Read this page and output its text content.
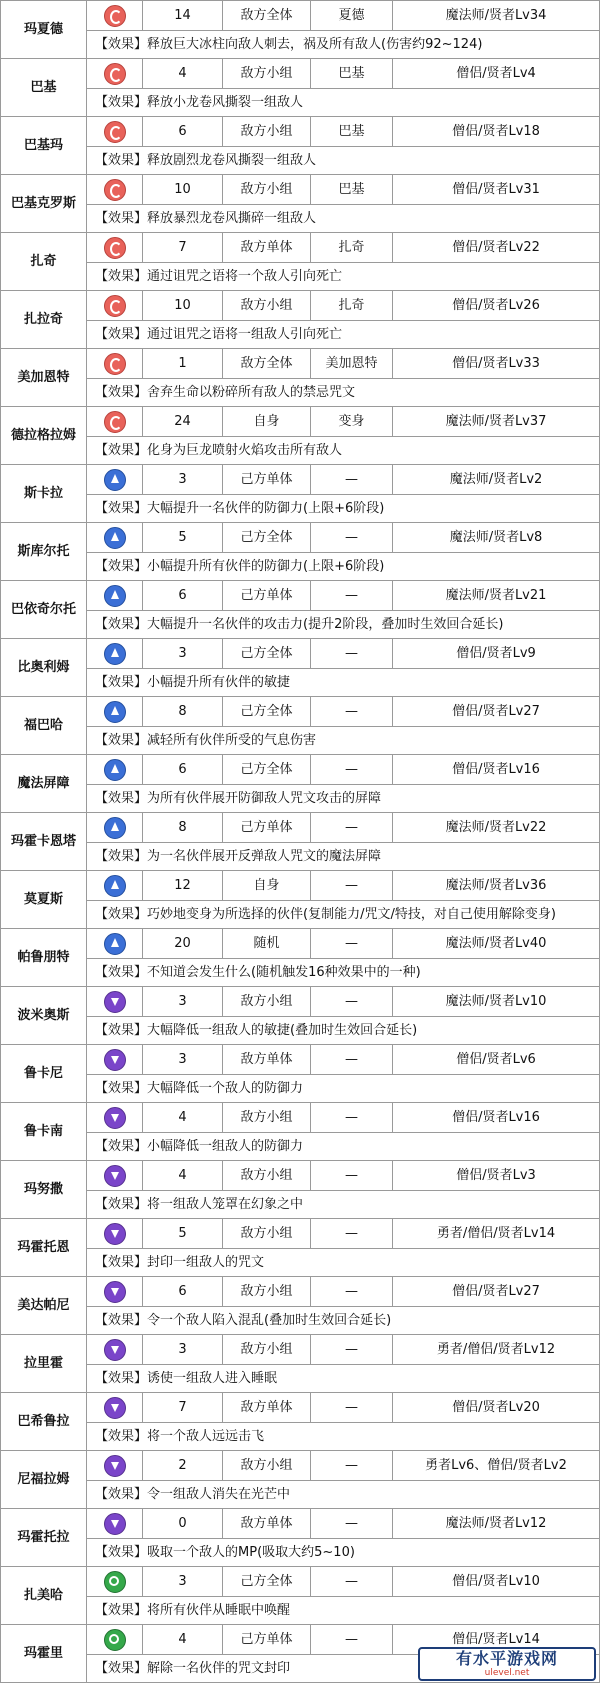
玛夏德		14	敌方全体	夏德	魔法师/贤者Lv34
	【效果】释放巨大冰柱向敌人刺去，祸及所有敌人(伤害约92~124)				
巴基		4	敌方小组	巴基	僧侣/贤者Lv4
	【效果】释放小龙卷风撕裂一组敌人				
巴基玛		6	敌方小组	巴基	僧侣/贤者Lv18
	【效果】释放剧烈龙卷风撕裂一组敌人				
巴基克罗斯		10	敌方小组	巴基	僧侣/贤者Lv31
	【效果】释放暴烈龙卷风撕碎一组敌人				
扎奇		7	敌方单体	扎奇	僧侣/贤者Lv22
	【效果】通过诅咒之语将一个敌人引向死亡				
扎拉奇		10	敌方小组	扎奇	僧侣/贤者Lv26
	【效果】通过诅咒之语将一组敌人引向死亡				
美加恩特		1	敌方全体	美加恩特	僧侣/贤者Lv33
	【效果】舍弃生命以粉碎所有敌人的禁忌咒文				
德拉格拉姆		24	自身	变身	魔法师/贤者Lv37
	【效果】化身为巨龙喷射火焰攻击所有敌人				
斯卡拉		3	己方单体	—	魔法师/贤者Lv2
	【效果】大幅提升一名伙伴的防御力(上限+6阶段)				
斯库尔托		5	己方全体	—	魔法师/贤者Lv8
	【效果】小幅提升所有伙伴的防御力(上限+6阶段)				
巴依奇尔托		6	己方单体	—	魔法师/贤者Lv21
	【效果】大幅提升一名伙伴的攻击力(提升2阶段，叠加时生效回合延长)				
比奥利姆		3	己方全体	—	僧侣/贤者Lv9
	【效果】小幅提升所有伙伴的敏捷				
福巴哈		8	己方全体	—	僧侣/贤者Lv27
	【效果】减轻所有伙伴所受的气息伤害				
魔法屏障		6	己方全体	—	僧侣/贤者Lv16
	【效果】为所有伙伴展开防御敌人咒文攻击的屏障				
玛霍卡恩塔		8	己方单体	—	魔法师/贤者Lv22
	【效果】为一名伙伴展开反弹敌人咒文的魔法屏障				
莫夏斯		12	自身	—	魔法师/贤者Lv36
	【效果】巧妙地变身为所选择的伙伴(复制能力/咒文/特技，对自己使用解除变身)				
帕鲁朋特		20	随机	—	魔法师/贤者Lv40
	【效果】不知道会发生什么(随机触发16种效果中的一种)				
波米奥斯		3	敌方小组	—	魔法师/贤者Lv10
	【效果】大幅降低一组敌人的敏捷(叠加时生效回合延长)				
鲁卡尼		3	敌方单体	—	僧侣/贤者Lv6
	【效果】大幅降低一个敌人的防御力				
鲁卡南		4	敌方小组	—	僧侣/贤者Lv16
	【效果】小幅降低一组敌人的防御力				
玛努撒		4	敌方小组	—	僧侣/贤者Lv3
	【效果】将一组敌人笼罩在幻象之中				
玛霍托恩		5	敌方小组	—	勇者/僧侣/贤者Lv14
	【效果】封印一组敌人的咒文				
美达帕尼		6	敌方小组	—	僧侣/贤者Lv27
	【效果】令一个敌人陷入混乱(叠加时生效回合延长)				
拉里霍		3	敌方小组	—	勇者/僧侣/贤者Lv12
	【效果】诱使一组敌人进入睡眠				
巴希鲁拉		7	敌方单体	—	僧侣/贤者Lv20
	【效果】将一个敌人远远击飞				
尼福拉姆		2	敌方小组	—	勇者Lv6、僧侣/贤者Lv2
	【效果】令一组敌人消失在光芒中				
玛霍托拉		0	敌方单体	—	魔法师/贤者Lv12
	【效果】吸取一个敌人的MP(吸取大约5~10)				
扎美哈		3	己方全体	—	僧侣/贤者Lv10
	【效果】将所有伙伴从睡眠中唤醒				
玛霍里		4	己方单体	—	僧侣/贤者Lv14
	【效果】解除一名伙伴的咒文封印				
有水平游戏网
ulevel.net
